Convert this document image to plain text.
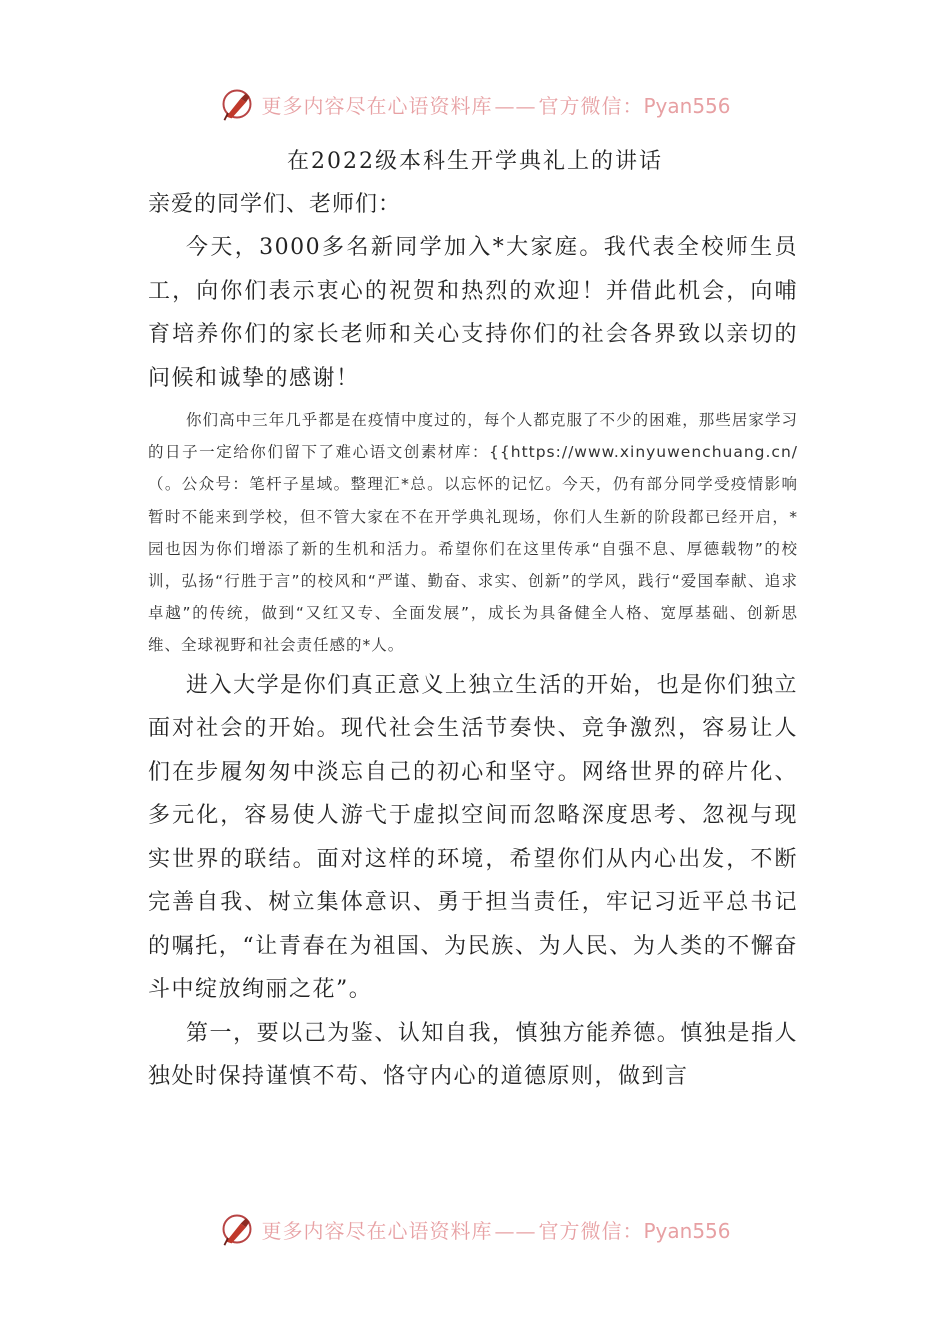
更多内容尽在心语资料库 —— 官方微信：Pyan556
在2022级本科生开学典礼上的讲话

亲爱的同学们、老师们：

今天，3000多名新同学加入*大家庭。我代表全校师生员工，向你们表示衷心的祝贺和热烈的欢迎！并借此机会，向哺育培养你们的家长老师和关心支持你们的社会各界致以亲切的问候和诚挚的感谢！

你们高中三年几乎都是在疫情中度过的，每个人都克服了不少的困难，那些居家学习的日子一定给你们留下了难心语文创素材库：{{https://www.xinyuwenchuang.cn/（。公众号：笔杆子星域。整理汇*总。以忘怀的记忆。今天，仍有部分同学受疫情影响暂时不能来到学校，但不管大家在不在开学典礼现场，你们人生新的阶段都已经开启，*园也因为你们增添了新的生机和活力。希望你们在这里传承“自强不息、厚德载物”的校训，弘扬“行胜于言”的校风和“严谨、勤奋、求实、创新”的学风，践行“爱国奉献、追求卓越”的传统，做到“又红又专、全面发展”，成长为具备健全人格、宽厚基础、创新思维、全球视野和社会责任感的*人。

进入大学是你们真正意义上独立生活的开始，也是你们独立面对社会的开始。现代社会生活节奏快、竞争激烈，容易让人们在步履匆匆中淡忘自己的初心和坚守。网络世界的碎片化、多元化，容易使人游弋于虚拟空间而忽略深度思考、忽视与现实世界的联结。面对这样的环境，希望你们从内心出发，不断完善自我、树立集体意识、勇于担当责任，牢记习近平总书记的嘱托，“让青春在为祖国、为民族、为人民、为人类的不懈奋斗中绽放绚丽之花”。

第一，要以己为鉴、认知自我，慎独方能养德。慎独是指人独处时保持谨慎不苟、恪守内心的道德原则，做到言

更多内容尽在心语资料库 —— 官方微信：Pyan556
